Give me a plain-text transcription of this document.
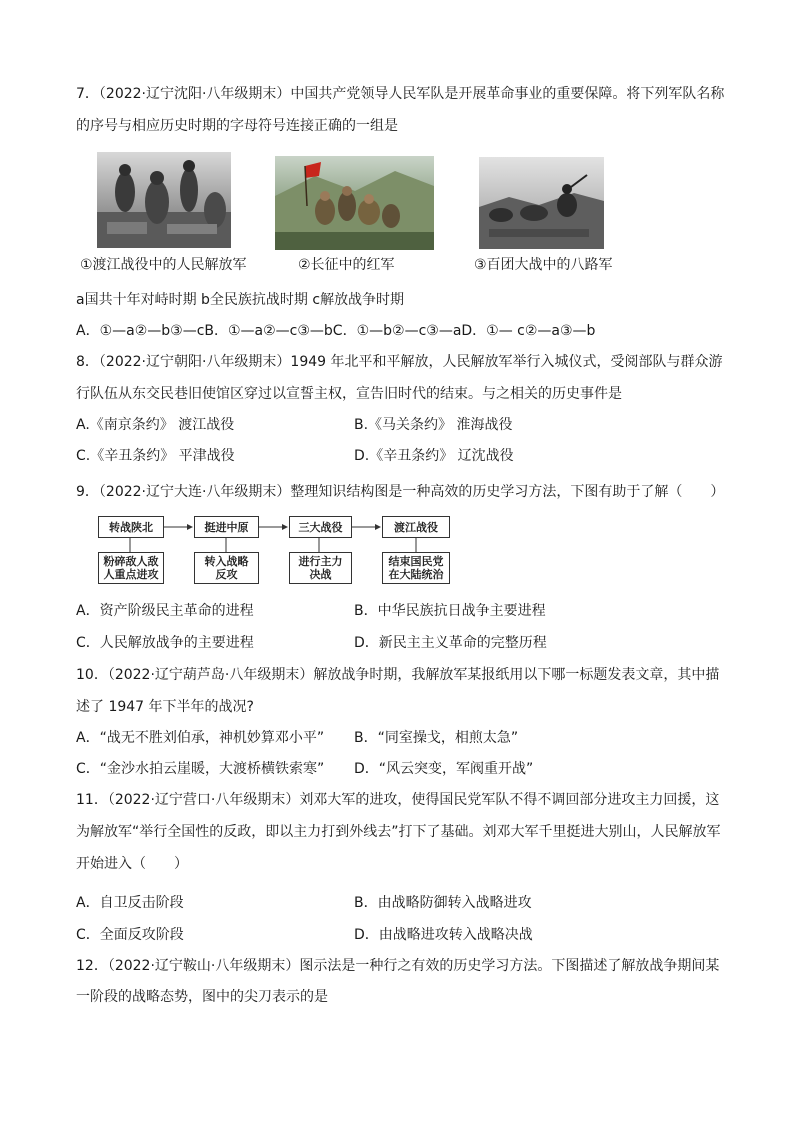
7．（2022·辽宁沈阳·八年级期末）中国共产党领导人民军队是开展革命事业的重要保障。将下列军队名称
的序号与相应历史时期的字母符号连接正确的一组是
①渡江战役中的人民解放军	②长征中的红军	③百团大战中的八路军
a国共十年对峙时期 b全民族抗战时期 c解放战争时期
A．①—a②—b③—cB．①—a②—c③—bC．①—b②—c③—aD．①— c②—a③—b
8．（2022·辽宁朝阳·八年级期末）1949 年北平和平解放，人民解放军举行入城仪式，受阅部队与群众游
行队伍从东交民巷旧使馆区穿过以宣誓主权，宣告旧时代的结束。与之相关的历史事件是
A.《南京条约》 渡江战役	B.《马关条约》 淮海战役
C.《辛丑条约》 平津战役	D.《辛丑条约》 辽沈战役
9．（2022·辽宁大连·八年级期末）整理知识结构图是一种高效的历史学习方法，下图有助于了解（　　）
转战陕北	挺进中原	三大战役	渡江战役
粉碎敌人敌
人重点进攻
转入战略
反攻
进行主力
决战
结束国民党
在大陆统治
A．资产阶级民主革命的进程	B．中华民族抗日战争主要进程
C．人民解放战争的主要进程	D．新民主主义革命的完整历程
10．（2022·辽宁葫芦岛·八年级期末）解放战争时期，我解放军某报纸用以下哪一标题发表文章，其中描
述了 1947 年下半年的战况?
A．“战无不胜刘伯承，神机妙算邓小平” B．“同室操戈，相煎太急”
C．“金沙水拍云崖暖，大渡桥横铁索寒” D．“风云突变，军阀重开战”
11．（2022·辽宁营口·八年级期末）刘邓大军的进攻，使得国民党军队不得不调回部分进攻主力回援，这
为解放军“举行全国性的反政，即以主力打到外线去”打下了基础。刘邓大军千里挺进大别山，人民解放军
开始进入（　　）
A．自卫反击阶段	B．由战略防御转入战略进攻
C．全面反攻阶段	D．由战略进攻转入战略决战
12．（2022·辽宁鞍山·八年级期末）图示法是一种行之有效的历史学习方法。下图描述了解放战争期间某
一阶段的战略态势，图中的尖刀表示的是
